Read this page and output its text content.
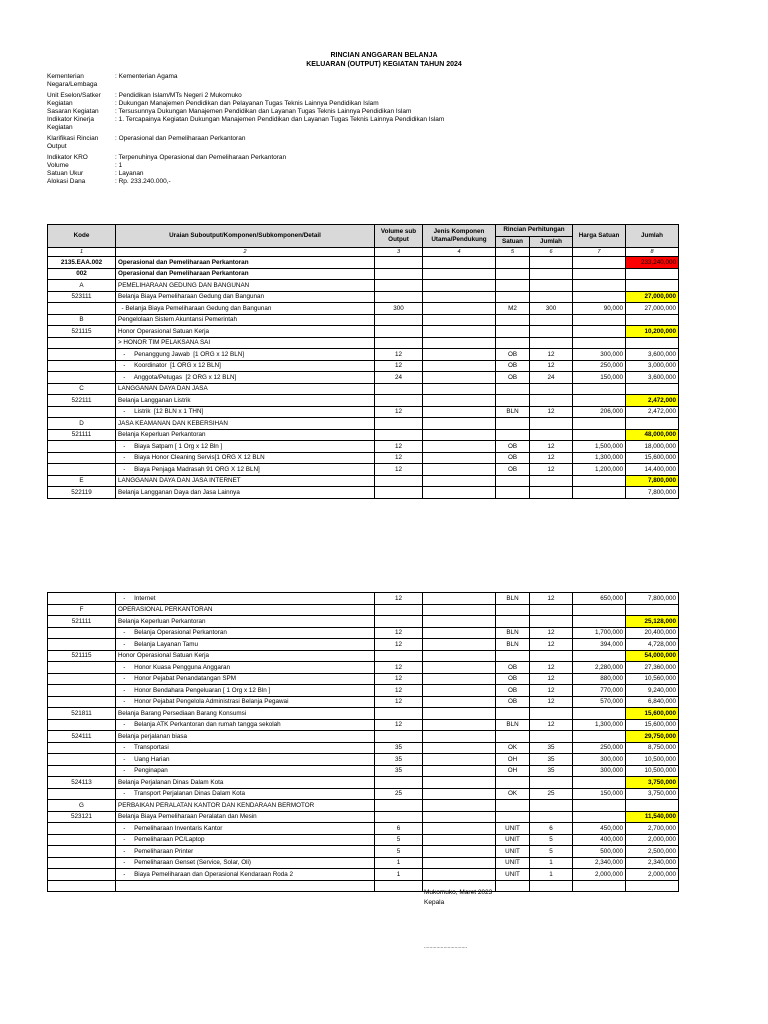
RINCIAN ANGGARAN BELANJA
KELUARAN (OUTPUT) KEGIATAN TAHUN 2024
Kementerian Negara/Lembaga
: Kementerian Agama
Unit Eselon/Satker	: Pendidikan Islam/MTs Negeri 2 Mukomuko
Kegiatan	: Dukungan Manajemen Pendidikan dan Pelayanan Tugas Teknis Lainnya Pendidikan Islam
Sasaran Kegiatan	: Tersusunnya Dukungan Manajemen Pendidikan dan Layanan Tugas Teknis Lainnya Pendidikan Islam
Indikator Kinerja Kegiatan
: 1. Tercapainya Kegiatan Dukungan Manajemen Pendidikan dan Layanan Tugas Teknis Lainnya Pendidikan Islam
Klarifikasi Rincian Output
: Operasional dan Pemeliharaan Perkantoran
Indikator KRO	: Terpenuhinya Operasional dan Pemeliharaan Perkantoran
Volume	: 1
Satuan Ukur	: Layanan
Alokasi Dana	: Rp. 233.240.000,-
Kode	Uraian Suboutput/Komponen/Subkomponen/Detail	Volume sub Output	Jenis Komponen Utama/Pendukung	Rincian Perhitungan		Harga Satuan	Jumlah
				Satuan	Jumlah		
1	2	3	4	5	6	7	8
2135.EAA.002	Operasional dan Pemeliharaan Perkantoran						233,240,000
002	Operasional dan Pemeliharaan Perkantoran						
A	PEMELIHARAAN GEDUNG DAN BANGUNAN						
523111	Belanja Biaya Pemeliharaan Gedung dan Bangunan						27,000,000
	- Belanja Biaya Pemeliharaan Gedung dan Bangunan	300		M2	300	90,000	27,000,000
B	Pengelolaan Sistem Akuntansi Pemerintah						
521115	Honor Operasional Satuan Kerja						10,200,000
	> HONOR TIM PELAKSANA SAI						
	-     Penanggung Jawab  [1 ORG x 12 BLN]	12		OB	12	300,000	3,600,000
	-     Koordinator  [1 ORG x 12 BLN]	12		OB	12	250,000	3,000,000
	-     Anggota/Petugas  [2 ORG x 12 BLN]	24		OB	24	150,000	3,600,000
C	LANGGANAN DAYA DAN JASA						
522111	Belanja Langganan Listrik						2,472,000
	-     Listrik  [12 BLN x 1 THN]	12		BLN	12	206,000	2,472,000
D	JASA KEAMANAN DAN KEBERSIHAN						
521111	Belanja Keperluan Perkantoran						48,000,000
	-     Biaya Satpam [ 1 Org x 12 Bln ]	12		OB	12	1,500,000	18,000,000
	-     Biaya Honor Cleaning Servis[1 ORG X 12 BLN	12		OB	12	1,300,000	15,600,000
	-     Biaya Penjaga Madrasah 91 ORG X 12 BLN]	12		OB	12	1,200,000	14,400,000
E	LANGGANAN DAYA DAN JASA INTERNET						7,800,000
522119	Belanja Langganan Daya dan Jasa Lainnya						7,800,000
	-     Internet	12		BLN	12	650,000	7,800,000
F	OPERASIONAL PERKANTORAN						
521111	Belanja Keperluan Perkantoran						25,128,000
	-     Belanja Operasional Perkantoran	12		BLN	12	1,700,000	20,400,000
	-     Belanja Layanan Tamu	12		BLN	12	394,000	4,728,000
521115	Honor Operasional Satuan Kerja						54,000,000
	-     Honor Kuasa Pengguna Anggaran	12		OB	12	2,280,000	27,360,000
	-     Honor Pejabat Penandatangan SPM	12		OB	12	880,000	10,560,000
	-     Honor Bendahara Pengeluaran [ 1 Org x 12 Bln ]	12		OB	12	770,000	9,240,000
	-     Honor Pejabat Pengelola Administrasi Belanja Pegawai	12		OB	12	570,000	6,840,000
521811	Belanja Barang Persediaan Barang Konsumsi						15,600,000
	-     Belanja ATK Perkantoran dan rumah tangga sekolah	12		BLN	12	1,300,000	15,600,000
524111	Belanja perjalanan biasa						29,750,000
	-     Transportasi	35		OK	35	250,000	8,750,000
	-     Uang Harian	35		OH	35	300,000	10,500,000
	-     Penginapan	35		OH	35	300,000	10,500,000
524113	Belanja Perjalanan Dinas Dalam Kota						3,750,000
	-     Transport Perjalanan Dinas Dalam Kota	25		OK	25	150,000	3,750,000
G	PERBAIKAN PERALATAN KANTOR DAN KENDARAAN BERMOTOR						
523121	Belanja Biaya Pemeliharaan Peralatan dan Mesin						11,540,000
	-     Pemeliharaan Inventaris Kantor	6		UNIT	6	450,000	2,700,000
	-     Pemeliharaan PC/Laptop	5		UNIT	5	400,000	2,000,000
	-     Pemeliharaan Printer	5		UNIT	5	500,000	2,500,000
	-     Pemeliharaan Genset (Service, Solar, Oli)	1		UNIT	1	2,340,000	2,340,000
	-     Biaya Pemeliharaan dan Operasional Kendaraan Roda 2	1		UNIT	1	2,000,000	2,000,000

Mukomuko, Maret 2023
Kepala
...............................
